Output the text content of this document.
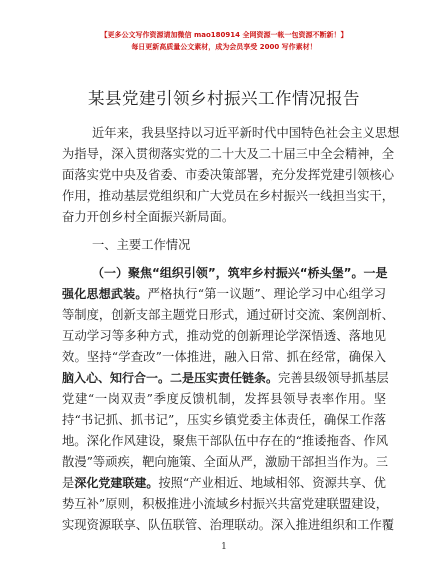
【更多公文写作资源请加微信 mao180914 全网资源一帐一包资源不断新！】
每日更新高质量公文素材，成为会员享受 2000 写作素材！
某县党建引领乡村振兴工作情况报告
近年来，我县坚持以习近平新时代中国特色社会主义思想
为指导，深入贯彻落实党的二十大及二十届三中全会精神，全
面落实党中央及省委、市委决策部署，充分发挥党建引领核心
作用，推动基层党组织和广大党员在乡村振兴一线担当实干，
奋力开创乡村全面振兴新局面。
一、主要工作情况
（一）聚焦“组织引领”，筑牢乡村振兴“桥头堡”。一是
强化思想武装。严格执行“第一议题”、理论学习中心组学习
等制度，创新支部主题党日形式，通过研讨交流、案例剖析、
互动学习等多种方式，推动党的创新理论学深悟透、落地见
效。坚持“学查改”一体推进，融入日常、抓在经常，确保入
脑入心、知行合一。二是压实责任链条。完善县级领导抓基层
党建“一岗双责”季度反馈机制，发挥县领导表率作用。坚
持“书记抓、抓书记”，压实乡镇党委主体责任，确保工作落
地。深化作风建设，聚焦干部队伍中存在的“推诿拖沓、作风
散漫”等顽疾，靶向施策、全面从严，激励干部担当作为。三
是深化党建联建。按照“产业相近、地域相邻、资源共享、优
势互补”原则，积极推进小流域乡村振兴共富党建联盟建设，
实现资源联享、队伍联管、治理联动。深入推进组织和工作覆
1
